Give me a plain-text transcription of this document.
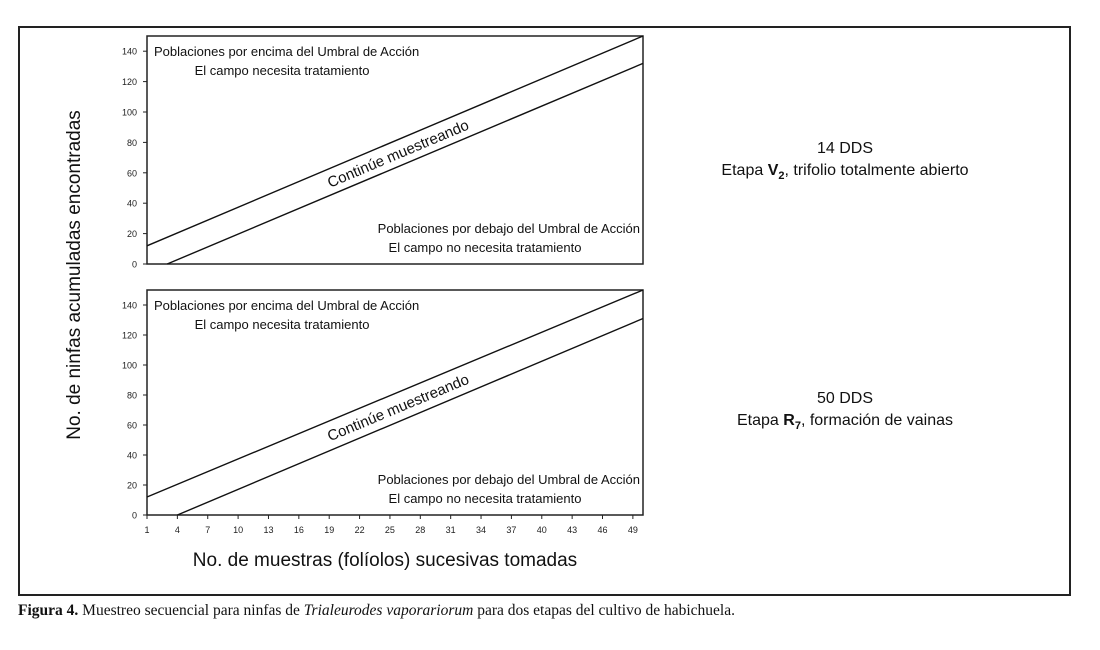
No. de ninfas acumuladas encontradas
No. de muestras (folíolos) sucesivas tomadas
0
20
40
60
80
100
120
140
Continúe muestreando
Poblaciones por encima del Umbral de Acción
El campo necesita tratamiento
Poblaciones por debajo del Umbral de Acción
El campo no necesita tratamiento
0
20
40
60
80
100
120
140
1	4	7	10 13 16 19 22 25 28 31 34 37 40 43 46 49
Continúe muestreando
Poblaciones por encima del Umbral de Acción
El campo necesita tratamiento
Poblaciones por debajo del Umbral de Acción
El campo no necesita tratamiento
14 DDS
Etapa $V_2$, trifolio totalmente abierto
50 DDS
Etapa $R_7$, formación de vainas
Figura 4. Muestreo secuencial para ninfas de Trialeurodes vaporariorum para dos etapas del cultivo de habichuela.
